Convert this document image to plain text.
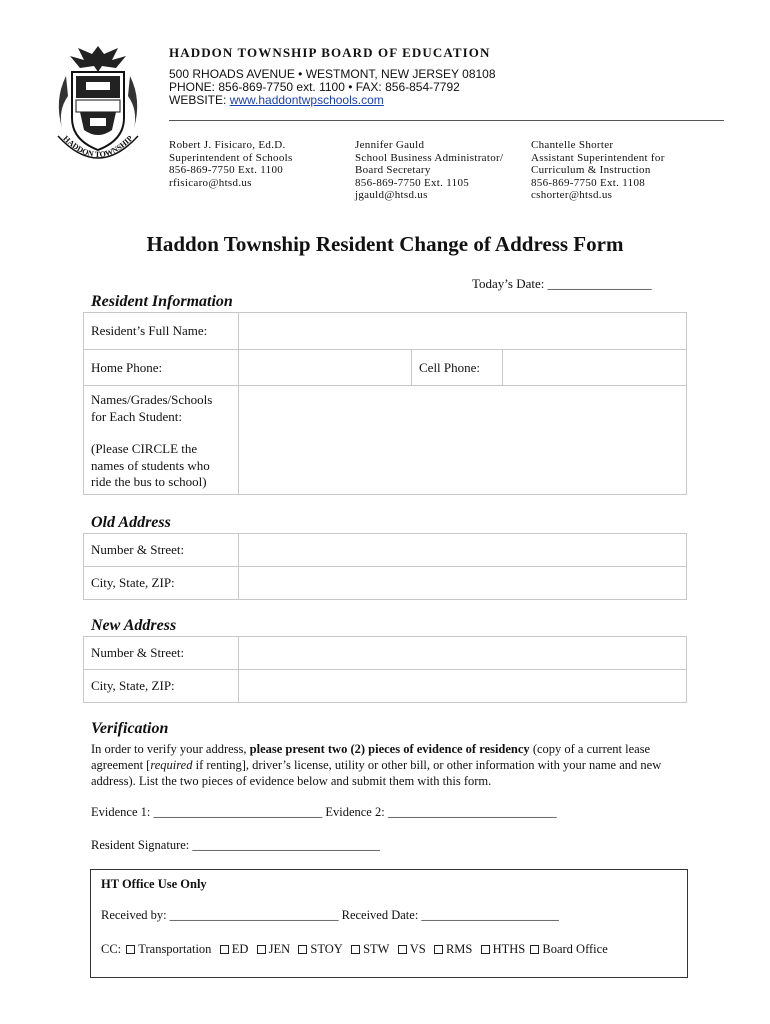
HADDON TOWNSHIP
HADDON TOWNSHIP BOARD OF EDUCATION
500 RHOADS AVENUE • WESTMONT, NEW JERSEY 08108
PHONE: 856-869-7750 ext. 1100 • FAX: 856-854-7792
WEBSITE: www.haddontwpschools.com
Robert J. Fisicaro, Ed.D.
Superintendent of Schools
856-869-7750 Ext. 1100
rfisicaro@htsd.us
Jennifer Gauld
School Business Administrator/
Board Secretary
856-869-7750 Ext. 1105
jgauld@htsd.us
Chantelle Shorter
Assistant Superintendent for
Curriculum & Instruction
856-869-7750 Ext. 1108
cshorter@htsd.us
Haddon Township Resident Change of Address Form
Today’s Date: ________________
Resident Information
Resident’s Full Name:			
Home Phone:		Cell Phone:	

Names/Grades/Schools
for Each Student:
(Please CIRCLE the
names of students who
ride the bus to school)			

Old Address
Number & Street:	
City, State, ZIP:	
New Address
Number & Street:	
City, State, ZIP:	
Verification
In order to verify your address, please present two (2) pieces of evidence of residency (copy of a current lease agreement [required if renting], driver’s license, utility or other bill, or other information with your name and new address). List the two pieces of evidence below and submit them with this form.
Evidence 1: ___________________________ Evidence 2: ___________________________
Resident Signature: ______________________________
HT Office Use Only
Received by: ___________________________ Received Date: ______________________
CC: Transportation ED JEN STOY STW VS RMS HTHS Board Office
